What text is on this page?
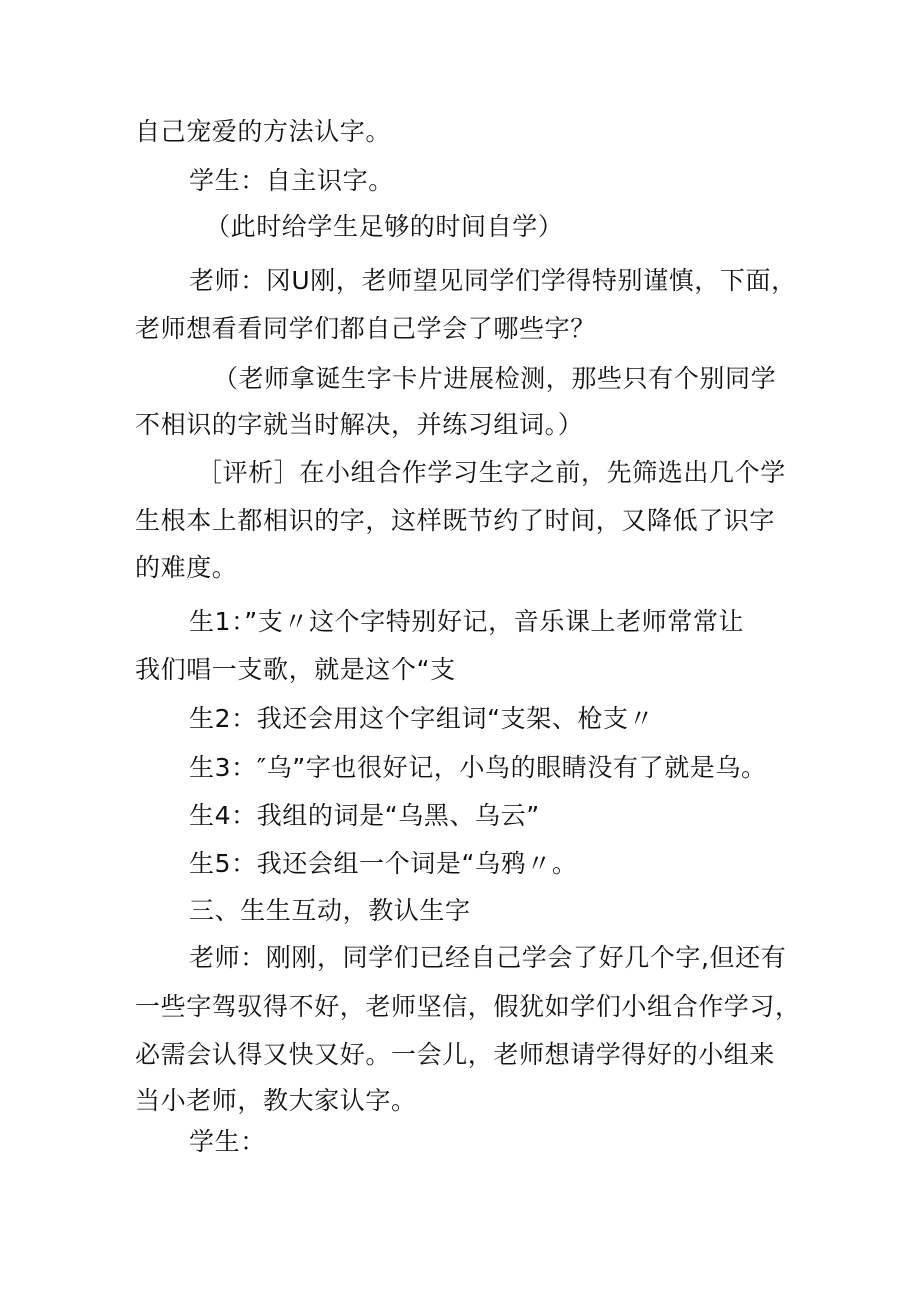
自己宠爱的方法认字。
学生：自主识字。
（此时给学生足够的时间自学）
老师：冈U刚，老师望见同学们学得特别谨慎，下面，
老师想看看同学们都自己学会了哪些字？
（老师拿诞生字卡片进展检测，那些只有个别同学
不相识的字就当时解决，并练习组词。）
［评析］在小组合作学习生字之前，先筛选出几个学
生根本上都相识的字，这样既节约了时间，又降低了识字
的难度。
生1：”支〃这个字特别好记，音乐课上老师常常让
我们唱一支歌，就是这个“支
生2：我还会用这个字组词“支架、枪支〃
生3：″乌”字也很好记，小鸟的眼睛没有了就是乌。
生4：我组的词是“乌黑、乌云”
生5：我还会组一个词是“乌鸦〃。
三、生生互动，教认生字
老师：刚刚，同学们已经自己学会了好几个字,但还有
一些字驾驭得不好，老师坚信，假犹如学们小组合作学习，
必需会认得又快又好。一会儿，老师想请学得好的小组来
当小老师，教大家认字。
学生：
